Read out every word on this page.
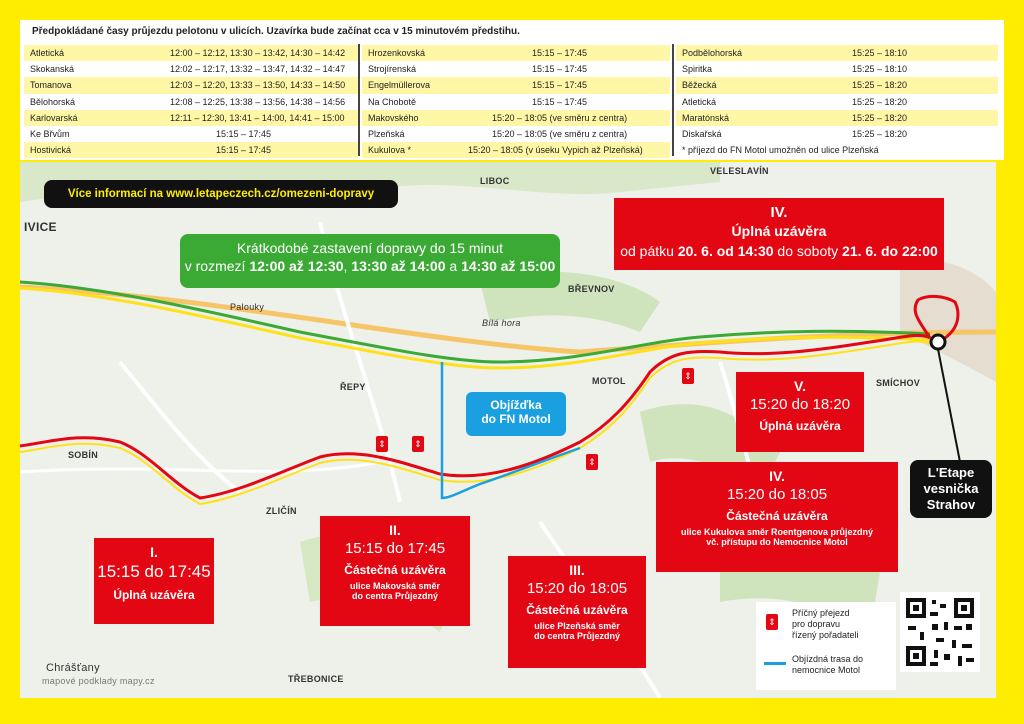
Předpokládané časy průjezdu pelotonu v ulicích. Uzavírka bude začínat cca v 15 minutovém předstihu.
Atletická	12:00 – 12:12, 13:30 – 13:42, 14:30 – 14:42
Skokanská	12:02 – 12:17, 13:32 – 13:47, 14:32 – 14:47
Tomanova	12:03 – 12:20, 13:33 – 13:50, 14:33 – 14:50
Bělohorská	12:08 – 12:25, 13:38 – 13:56, 14:38 – 14:56
Karlovarská	12:11 – 12:30, 13:41 – 14:00, 14:41 – 15:00
Ke Břvům	15:15 – 17:45
Hostivická	15:15 – 17:45
Hrozenkovská	15:15 – 17:45
Strojírenská	15:15 – 17:45
Engelmüllerova	15:15 – 17:45
Na Chobotě	15:15 – 17:45
Makovského	15:20 – 18:05 (ve směru z centra)
Plzeňská	15:20 – 18:05 (ve směru z centra)
Kukulova *	15:20 – 18:05 (v úseku Vypich až Plzeňská)
Podbělohorská	15:25 – 18:10
Spiritka	15:25 – 18:10
Běžecká	15:25 – 18:20
Atletická	15:25 – 18:20
Maratónská	15:25 – 18:20
Diskařská	15:25 – 18:20
* příjezd do FN Motol umožněn od ulice Plzeňská
IVICE
LIBOC
VELESLAVÍN
BŘEVNOV
Palouky
ŘEPY
MOTOL	SMÍCHOV
SOBÍN
ZLIČÍN
Chrášťany
TŘEBONICE
Bílá hora
mapové podklady mapy.cz
Více informací na www.letapeczech.cz/omezeni-dopravy
Krátkodobé zastavení dopravy do 15 minut
v rozmezí 12:00 až 12:30, 13:30 až 14:00 a 14:30 až 15:00
Objížďka
do FN Motol
⇕	⇕
⇕
⇕
I.
15:15 do 17:45
Úplná uzávěra
II.
15:15 do 17:45
Částečná uzávěra
ulice Makovská směr
do centra Průjezdný
III.
15:20 do 18:05
Částečná uzávěra
ulice Plzeňská směr
do centra Průjezdný
IV.
15:20 do 18:05
Částečná uzávěra
ulice Kukulova směr Roentgenova průjezdný
vč. přístupu do Nemocnice Motol
IV.
Úplná uzávěra
od pátku 20. 6. od 14:30 do soboty 21. 6. do 22:00
V.
15:20 do 18:20
Úplná uzávěra
L'Etape
vesnička
Strahov
⇕
Příčný přejezd
pro dopravu
řízený pořadateli
Objízdná trasa do
nemocnice Motol
